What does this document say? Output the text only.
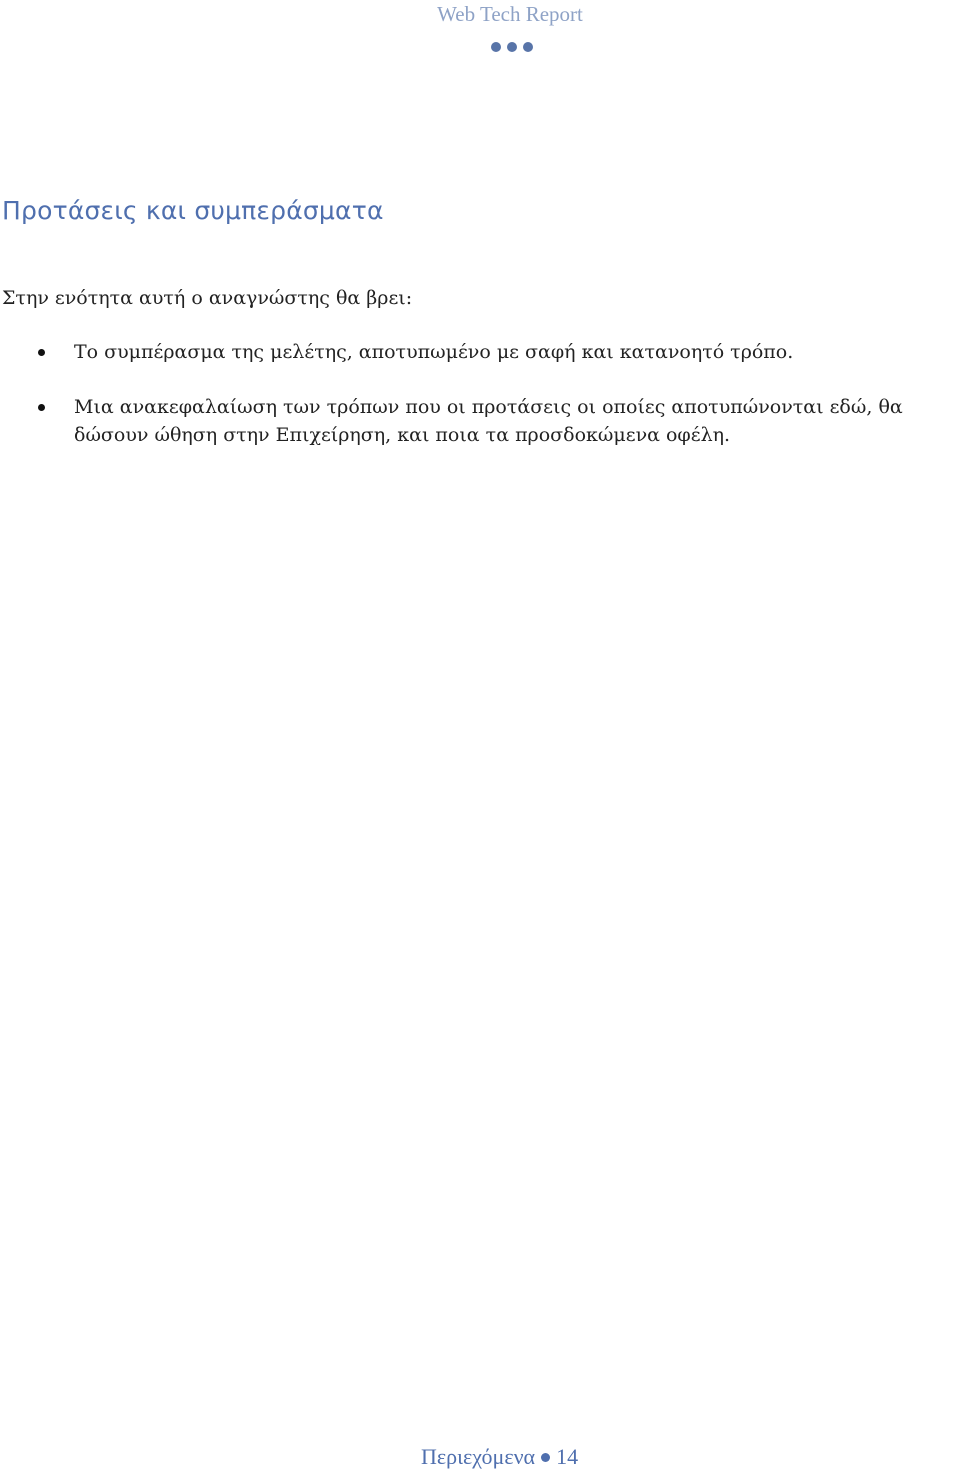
Web Tech Report
Προτάσεις και συμπεράσματα

Στην ενότητα αυτή ο αναγνώστης θα βρει:

Το συμπέρασμα της μελέτης, αποτυπωμένο με σαφή και κατανοητό τρόπο.
Μια ανακεφαλαίωση των τρόπων που οι προτάσεις οι οποίες αποτυπώνονται εδώ, θα δώσουν ώθηση στην Επιχείρηση, και ποια τα προσδοκώμενα οφέλη.
Περιεχόμενα 14
